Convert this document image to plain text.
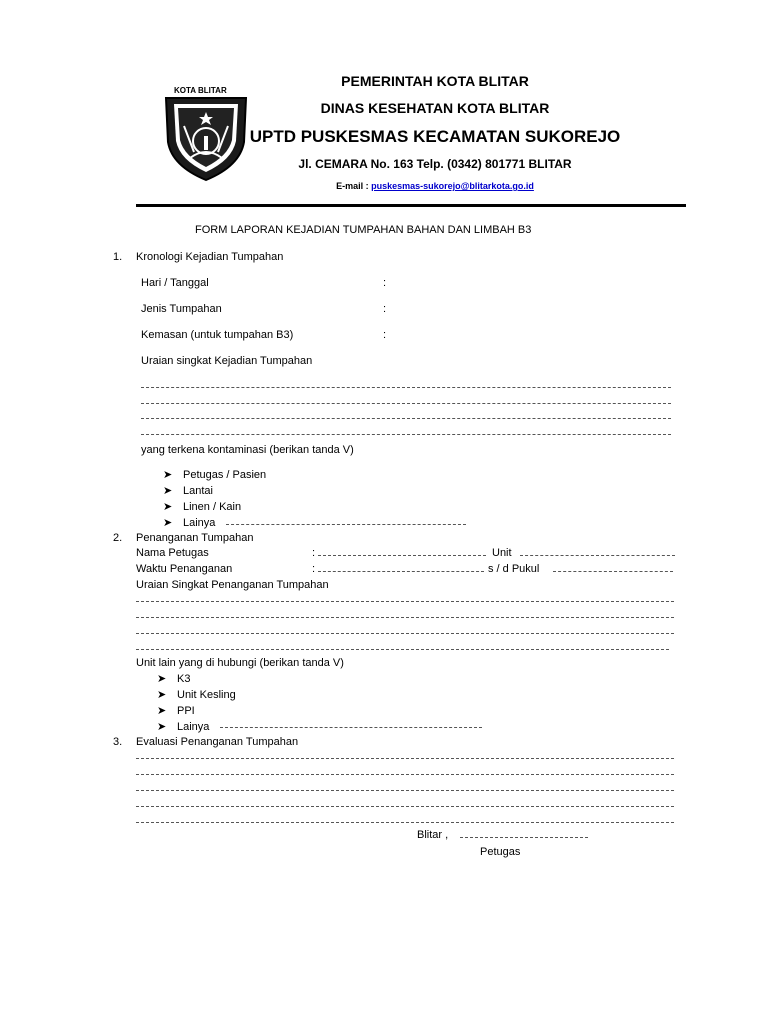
KOTA BLITAR
PEMERINTAH KOTA BLITAR
DINAS KESEHATAN KOTA BLITAR
UPTD PUSKESMAS KECAMATAN SUKOREJO
Jl. CEMARA No. 163 Telp. (0342) 801771 BLITAR
E-mail : puskesmas-sukorejo@blitarkota.go.id
FORM LAPORAN KEJADIAN TUMPAHAN BAHAN DAN LIMBAH B3
1. Kronologi Kejadian Tumpahan
Hari / Tanggal	:
Jenis Tumpahan	:
Kemasan (untuk tumpahan B3)	:
Uraian singkat Kejadian Tumpahan
yang terkena kontaminasi (berikan tanda V)
➤ Petugas / Pasien
➤ Lantai
➤ Linen / Kain
➤ Lainya
2. Penanganan Tumpahan
Nama Petugas	:	Unit
Waktu Penanganan	:	s / d Pukul
Uraian Singkat Penanganan Tumpahan
Unit lain yang di hubungi (berikan tanda V)
➤ K3
➤ Unit Kesling
➤ PPI
➤ Lainya
3. Evaluasi Penanganan Tumpahan
Blitar ,
Petugas
